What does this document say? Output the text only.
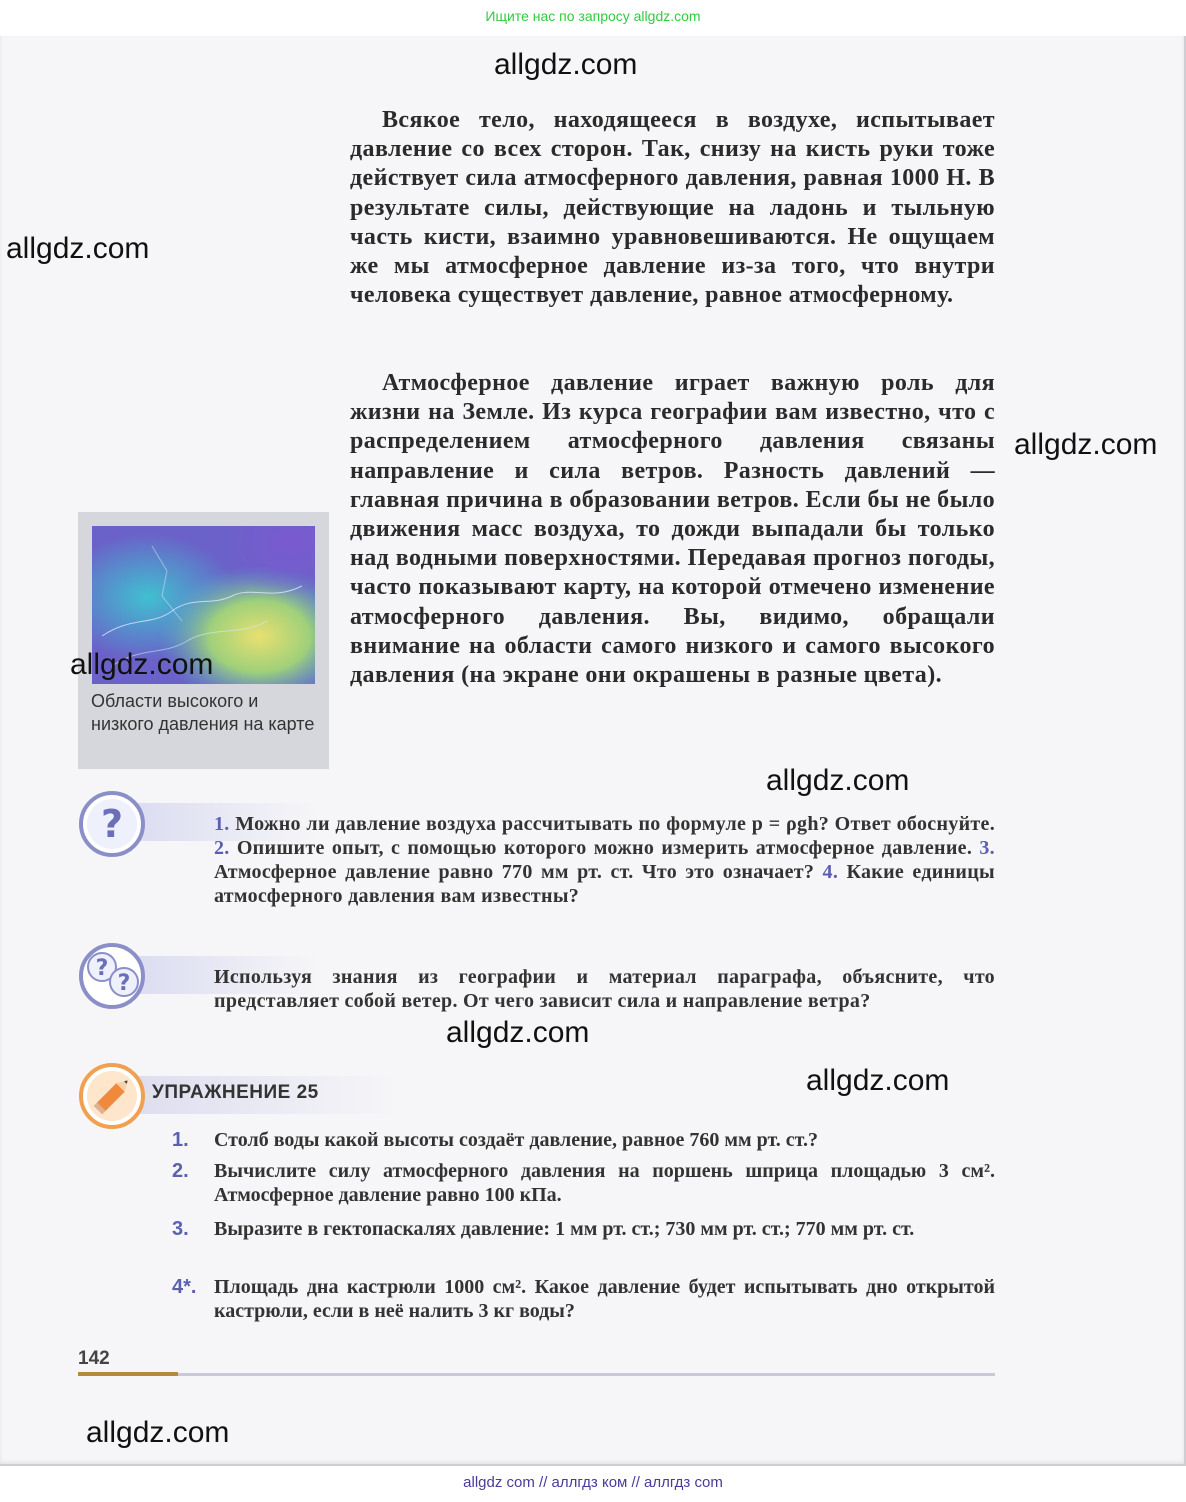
Ищите нас по запросу allgdz.com

Всякое тело, находящееся в воздухе, испытывает давление со всех сторон. Так, снизу на кисть руки тоже действует сила атмосферного давления, равная 1000 Н. В результате силы, действующие на ладонь и тыльную часть кисти, взаимно уравновешиваются. Не ощущаем же мы атмосферное давление из-за того, что внутри человека существует давление, равное атмосферному.

Атмосферное давление играет важную роль для жизни на Земле. Из курса географии вам известно, что с распределением атмосферного давления связаны направление и сила ветров. Разность давлений — главная причина в образовании ветров. Если бы не было движения масс воздуха, то дожди выпадали бы только над водными поверхностями. Передавая прогноз погоды, часто показывают карту, на которой отмечено изменение атмосферного давления. Вы, видимо, обращали внимание на области самого низкого и самого высокого давления (на экране они окрашены в разные цвета).

Области высокого и низкого давления на карте
?	1. Можно ли давление воздуха рассчитывать по формуле p = ρgh? Ответ обоснуйте. 2. Опишите опыт, с помощью которого можно измерить атмосферное давление. 3. Атмосферное давление равно 770 мм рт. ст. Что это означает? 4. Какие единицы атмосферного давления вам известны?

?
?	Используя знания из географии и материал параграфа, объясните, что представляет собой ветер. От чего зависит сила и направление ветра?

УПРАЖНЕНИЕ 25
1. Столб воды какой высоты создаёт давление, равное 760 мм рт. ст.?
2. Вычислите силу атмосферного давления на поршень шприца площадью 3 см². Атмосферное давление равно 100 кПа.
3. Выразите в гектопаскалях давление: 1 мм рт. ст.; 730 мм рт. ст.; 770 мм рт. ст.
4*. Площадь дна кастрюли 1000 см². Какое давление будет испытывать дно открытой кастрюли, если в неё налить 3 кг воды?
142
allgdz.com
allgdz.com
allgdz.com
allgdz.com
allgdz.com
allgdz.com
allgdz.com
allgdz.com
allgdz com // аллгдз ком // аллгдз com
